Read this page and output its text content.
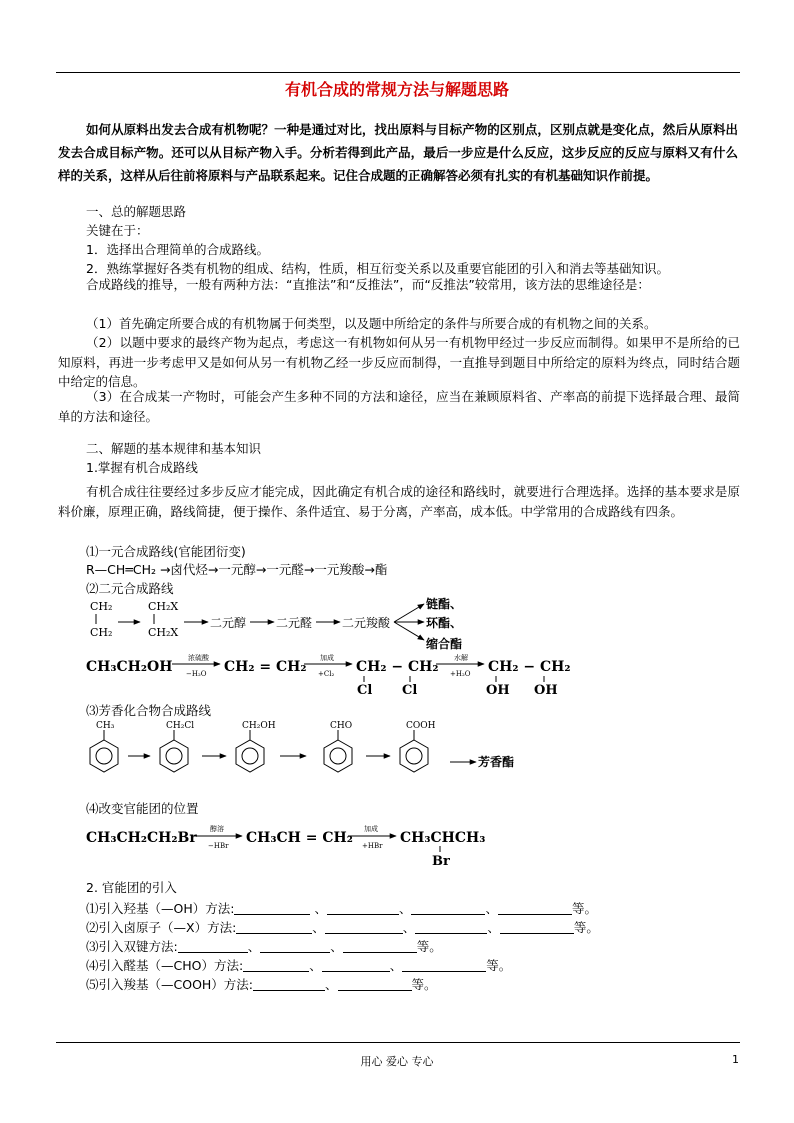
有机合成的常规方法与解题思路
如何从原料出发去合成有机物呢？一种是通过对比，找出原料与目标产物的区别点，区别点就是变化点，然后从原料出发去合成目标产物。还可以从目标产物入手。分析若得到此产品，最后一步应是什么反应，这步反应的反应与原料又有什么样的关系，这样从后往前将原料与产品联系起来。记住合成题的正确解答必须有扎实的有机基础知识作前提。
一、总的解题思路
关键在于：
1．选择出合理简单的合成路线。
2．熟练掌握好各类有机物的组成、结构，性质，相互衍变关系以及重要官能团的引入和消去等基础知识。
合成路线的推导，一般有两种方法：“直推法”和“反推法”，而“反推法”较常用，该方法的思维途径是：
（1）首先确定所要合成的有机物属于何类型，以及题中所给定的条件与所要合成的有机物之间的关系。
（2）以题中要求的最终产物为起点，考虑这一有机物如何从另一有机物甲经过一步反应而制得。如果甲不是所给的已知原料，再进一步考虑甲又是如何从另一有机物乙经一步反应而制得，一直推导到题目中所给定的原料为终点，同时结合题中给定的信息。
（3）在合成某一产物时，可能会产生多种不同的方法和途径，应当在兼顾原料省、产率高的前提下选择最合理、最简单的方法和途径。
二、解题的基本规律和基本知识
1.掌握有机合成路线
有机合成往往要经过多步反应才能完成，因此确定有机合成的途径和路线时，就要进行合理选择。选择的基本要求是原料价廉，原理正确，路线简捷，便于操作、条件适宜、易于分离，产率高，成本低。中学常用的合成路线有四条。
⑴一元合成路线(官能团衍变)
R—CH═CH₂ →卤代烃→一元醇→一元醛→一元羧酸→酯
⑵二元合成路线
CH₂
CH₂
CH₂X
CH₂X
二元醇 二元醛 二元羧酸
链酯、
环酯、
缩合酯
CH₃CH₂OH
浓硫酸
−H₂O CH₂ = CH₂
加成
+Cl₂ CH₂ − CH₂
Cl Cl
水解
+H₂O CH₂ − CH₂
OH OH
⑶芳香化合物合成路线
CH₃	CH₂Cl	CH₂OH	CHO	COOH
芳香酯
⑷改变官能团的位置
CH₃CH₂CH₂Br
醇溶
−HBr CH₃CH = CH₂
加成
+HBr CH₃CHCH₃
Br
2. 官能团的引入
⑴引入羟基（—OH）方法:	、	、	、	等。
⑵引入卤原子（—X）方法:	、	、	、	等。
⑶引入双键方法:	、	、	等。
⑷引入醛基（—CHO）方法:	、	、	等。
⑸引入羧基（—COOH）方法:	、	等。
用心 爱心 专心	1
